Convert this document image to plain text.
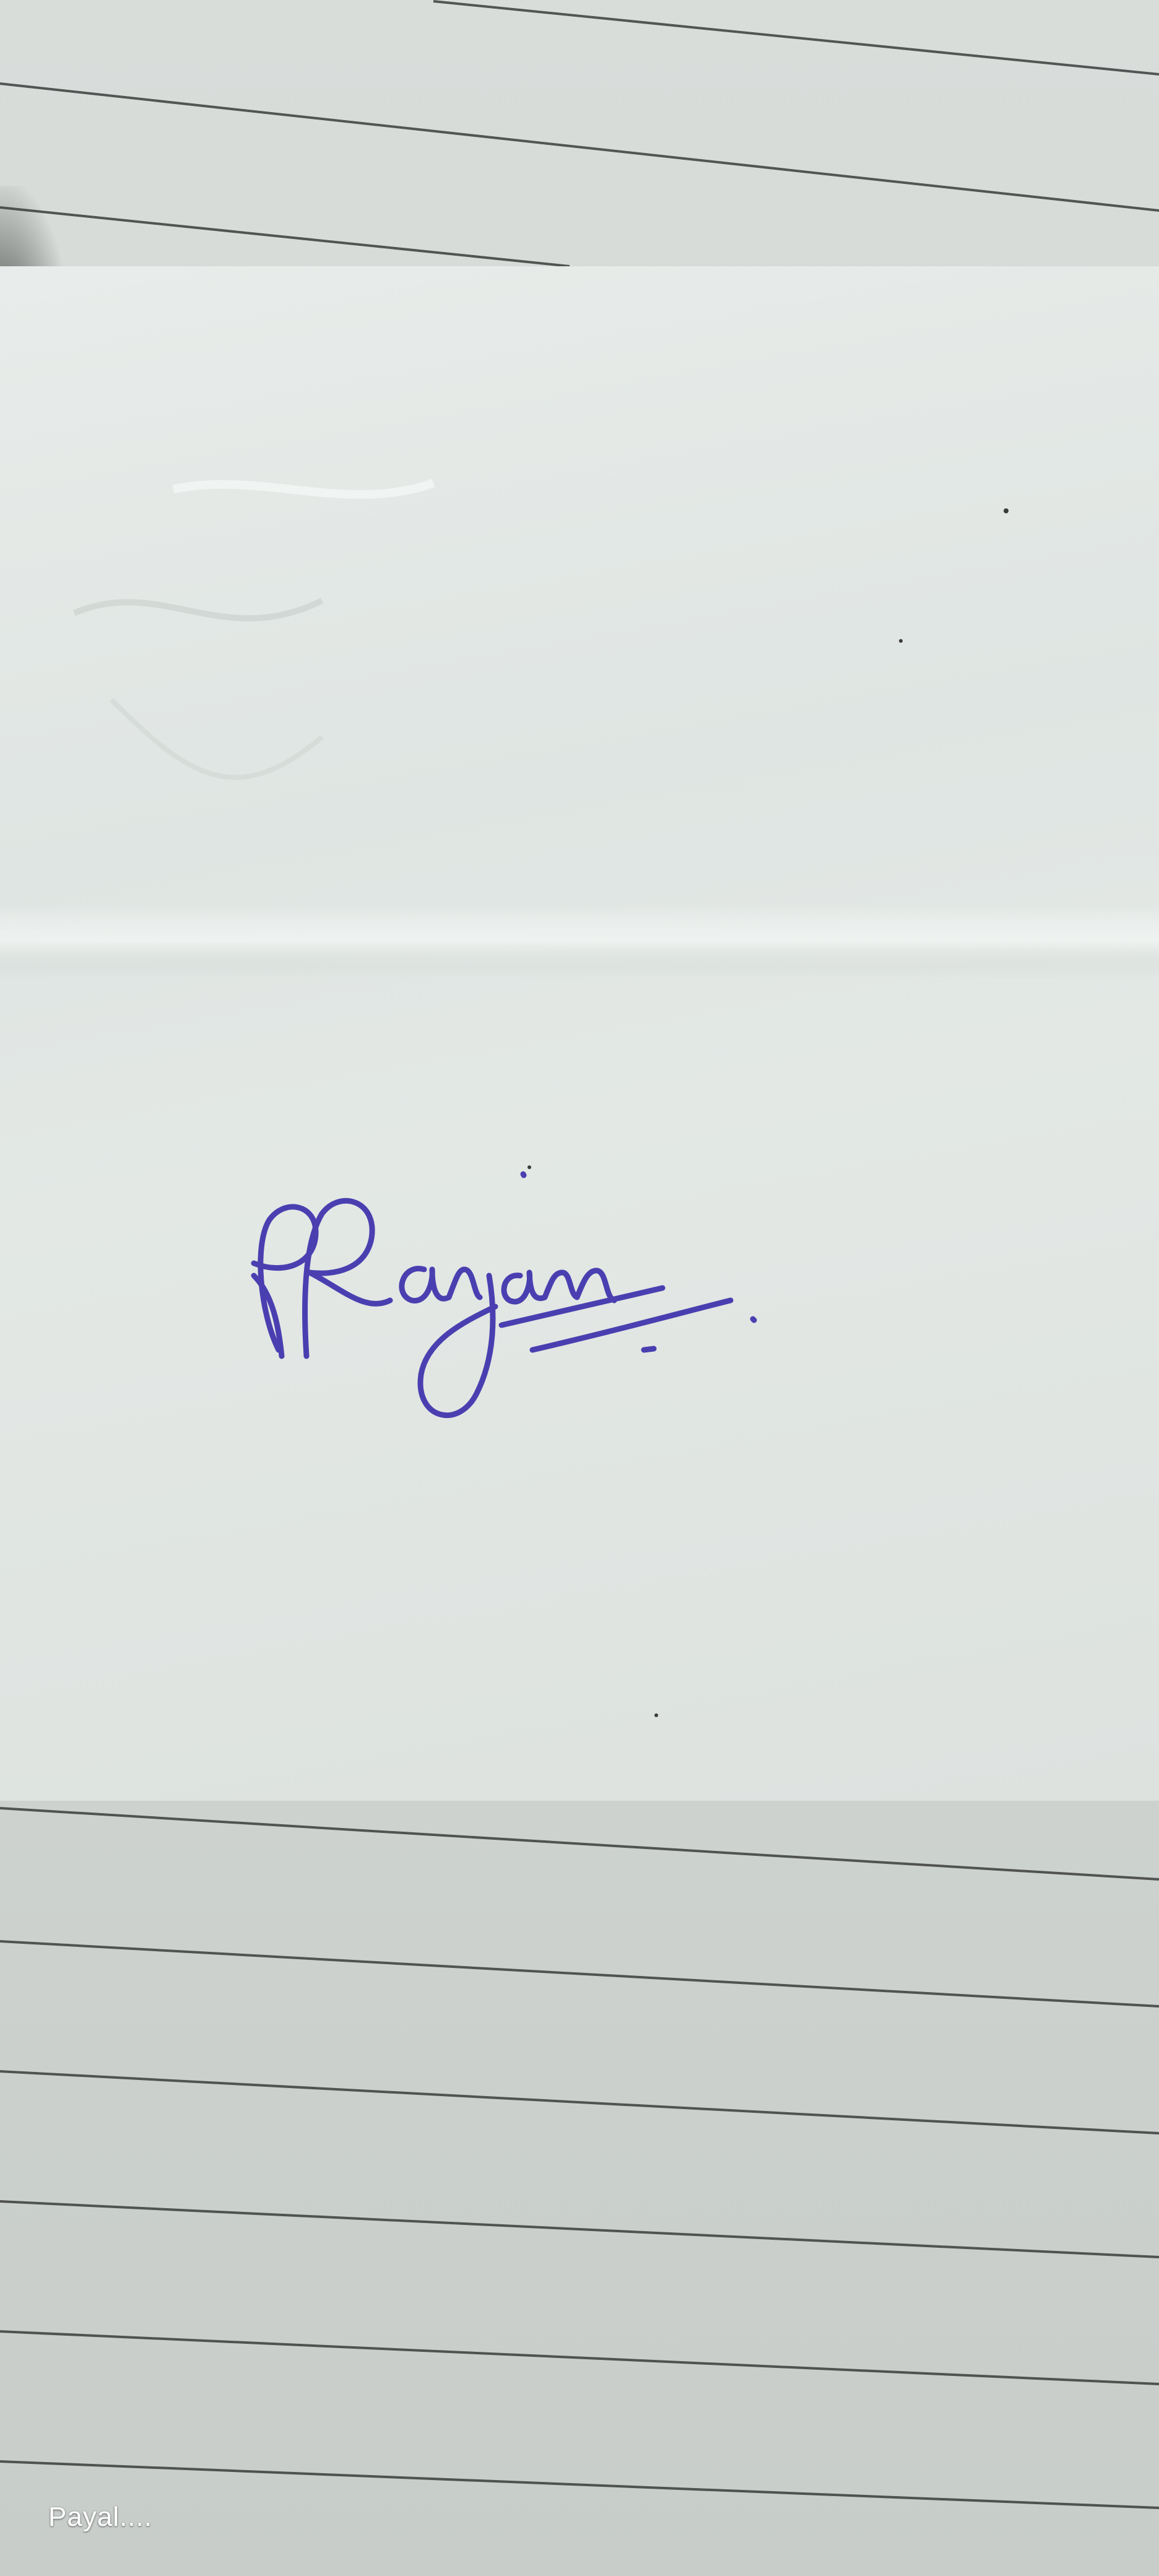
Payal....
